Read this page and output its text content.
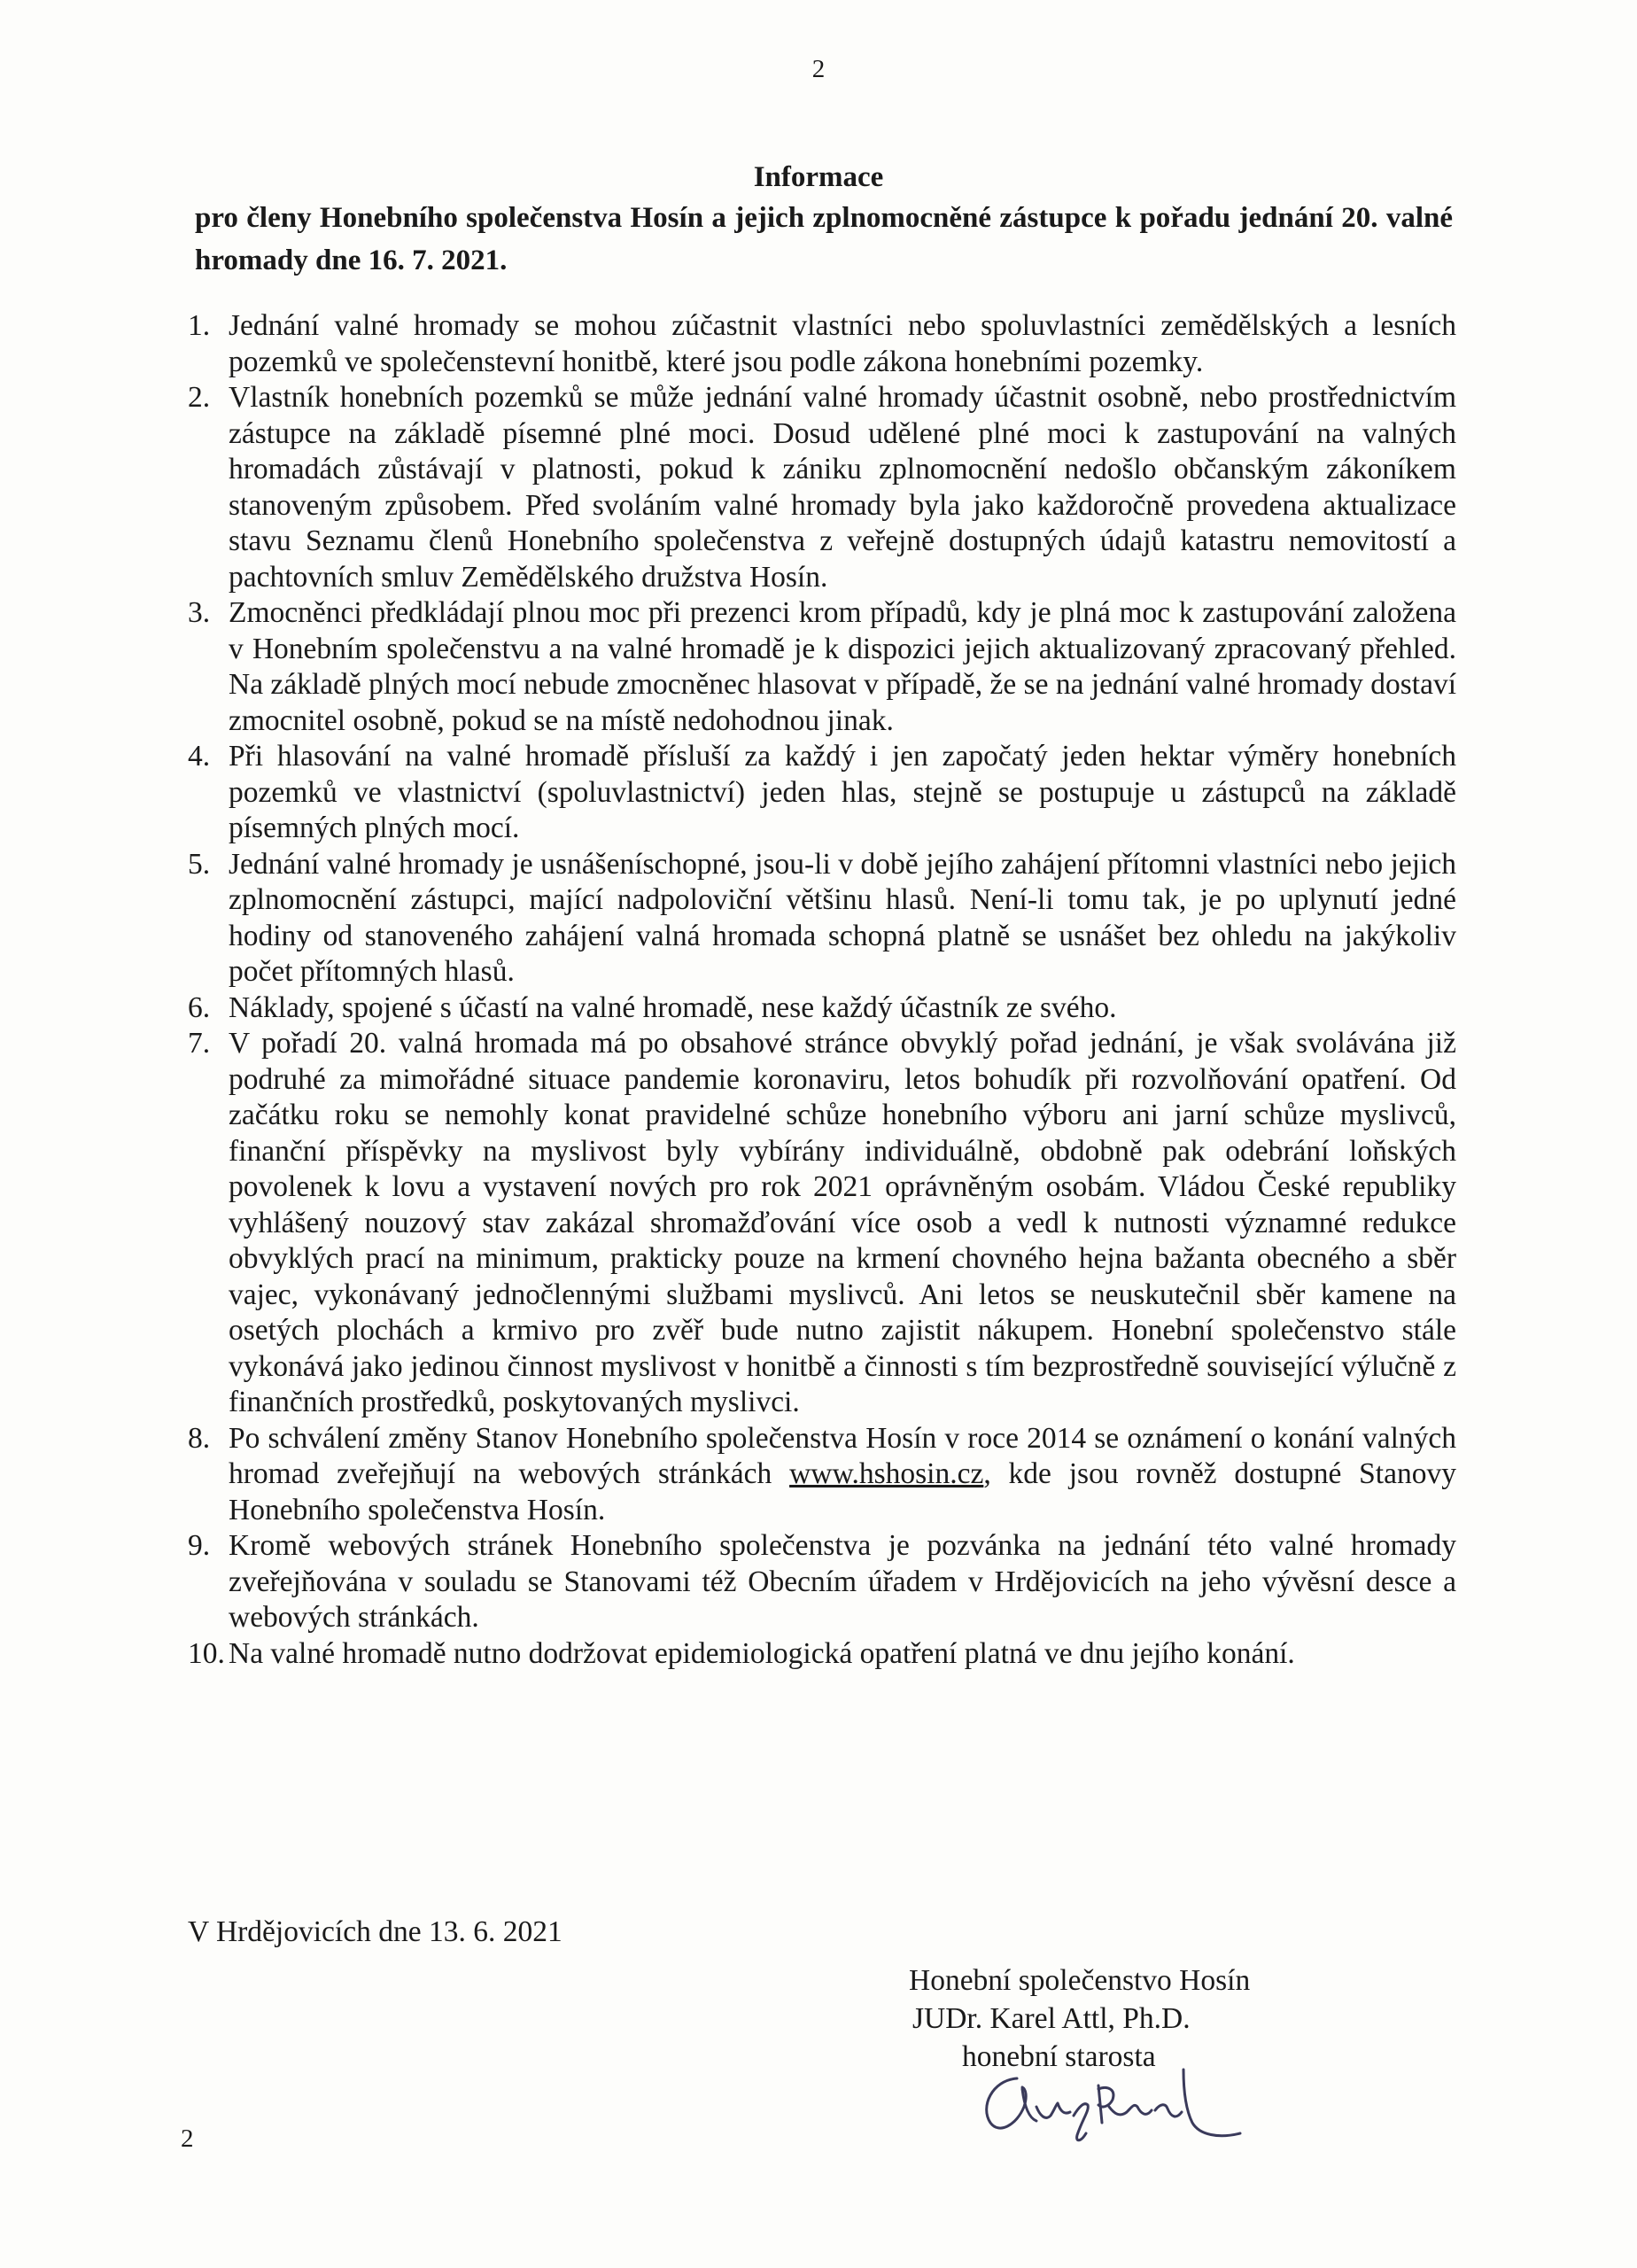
2
Informace
pro členy Honebního společenstva Hosín a jejich zplnomocněné zástupce k pořadu jednání 20. valné hromady dne 16. 7. 2021.
1. Jednání valné hromady se mohou zúčastnit vlastníci nebo spoluvlastníci zemědělských a lesních pozemků ve společenstevní honitbě, které jsou podle zákona honebními pozemky.
2. Vlastník honebních pozemků se může jednání valné hromady účastnit osobně, nebo prostřednictvím zástupce na základě písemné plné moci. Dosud udělené plné moci k zastupování na valných hromadách zůstávají v platnosti, pokud k zániku zplnomocnění nedošlo občanským zákoníkem stanoveným způsobem. Před svoláním valné hromady byla jako každoročně provedena aktualizace stavu Seznamu členů Honebního společenstva z veřejně dostupných údajů katastru nemovitostí a pachtovních smluv Zemědělského družstva Hosín.
3. Zmocněnci předkládají plnou moc při prezenci krom případů, kdy je plná moc k zastupování založena v Honebním společenstvu a na valné hromadě je k dispozici jejich aktualizovaný zpracovaný přehled. Na základě plných mocí nebude zmocněnec hlasovat v případě, že se na jednání valné hromady dostaví zmocnitel osobně, pokud se na místě nedohodnou jinak.
4. Při hlasování na valné hromadě přísluší za každý i jen započatý jeden hektar výměry honebních pozemků ve vlastnictví (spoluvlastnictví) jeden hlas, stejně se postupuje u zástupců na základě písemných plných mocí.
5. Jednání valné hromady je usnášeníschopné, jsou-li v době jejího zahájení přítomni vlastníci nebo jejich zplnomocnění zástupci, mající nadpoloviční většinu hlasů. Není-li tomu tak, je po uplynutí jedné hodiny od stanoveného zahájení valná hromada schopná platně se usnášet bez ohledu na jakýkoliv počet přítomných hlasů.
6. Náklady, spojené s účastí na valné hromadě, nese každý účastník ze svého.
7. V pořadí 20. valná hromada má po obsahové stránce obvyklý pořad jednání, je však svolávána již podruhé za mimořádné situace pandemie koronaviru, letos bohudík při rozvolňování opatření. Od začátku roku se nemohly konat pravidelné schůze honebního výboru ani jarní schůze myslivců, finanční příspěvky na myslivost byly vybírány individuálně, obdobně pak odebrání loňských povolenek k lovu a vystavení nových pro rok 2021 oprávněným osobám. Vládou České republiky vyhlášený nouzový stav zakázal shromažďování více osob a vedl k nutnosti významné redukce obvyklých prací na minimum, prakticky pouze na krmení chovného hejna bažanta obecného a sběr vajec, vykonávaný jednočlennými službami myslivců. Ani letos se neuskutečnil sběr kamene na osetých plochách a krmivo pro zvěř bude nutno zajistit nákupem. Honební společenstvo stále vykonává jako jedinou činnost myslivost v honitbě a činnosti s tím bezprostředně související výlučně z finančních prostředků, poskytovaných myslivci.
8. Po schválení změny Stanov Honebního společenstva Hosín v roce 2014 se oznámení o konání valných hromad zveřejňují na webových stránkách www.hshosin.cz, kde jsou rovněž dostupné Stanovy Honebního společenstva Hosín.
9. Kromě webových stránek Honebního společenstva je pozvánka na jednání této valné hromady zveřejňována v souladu se Stanovami též Obecním úřadem v Hrdějovicích na jeho vývěsní desce a webových stránkách.
10. Na valné hromadě nutno dodržovat epidemiologická opatření platná ve dnu jejího konání.
V Hrdějovicích dne 13. 6. 2021
Honební společenstvo Hosín
JUDr. Karel Attl, Ph.D.
honební starosta
2
